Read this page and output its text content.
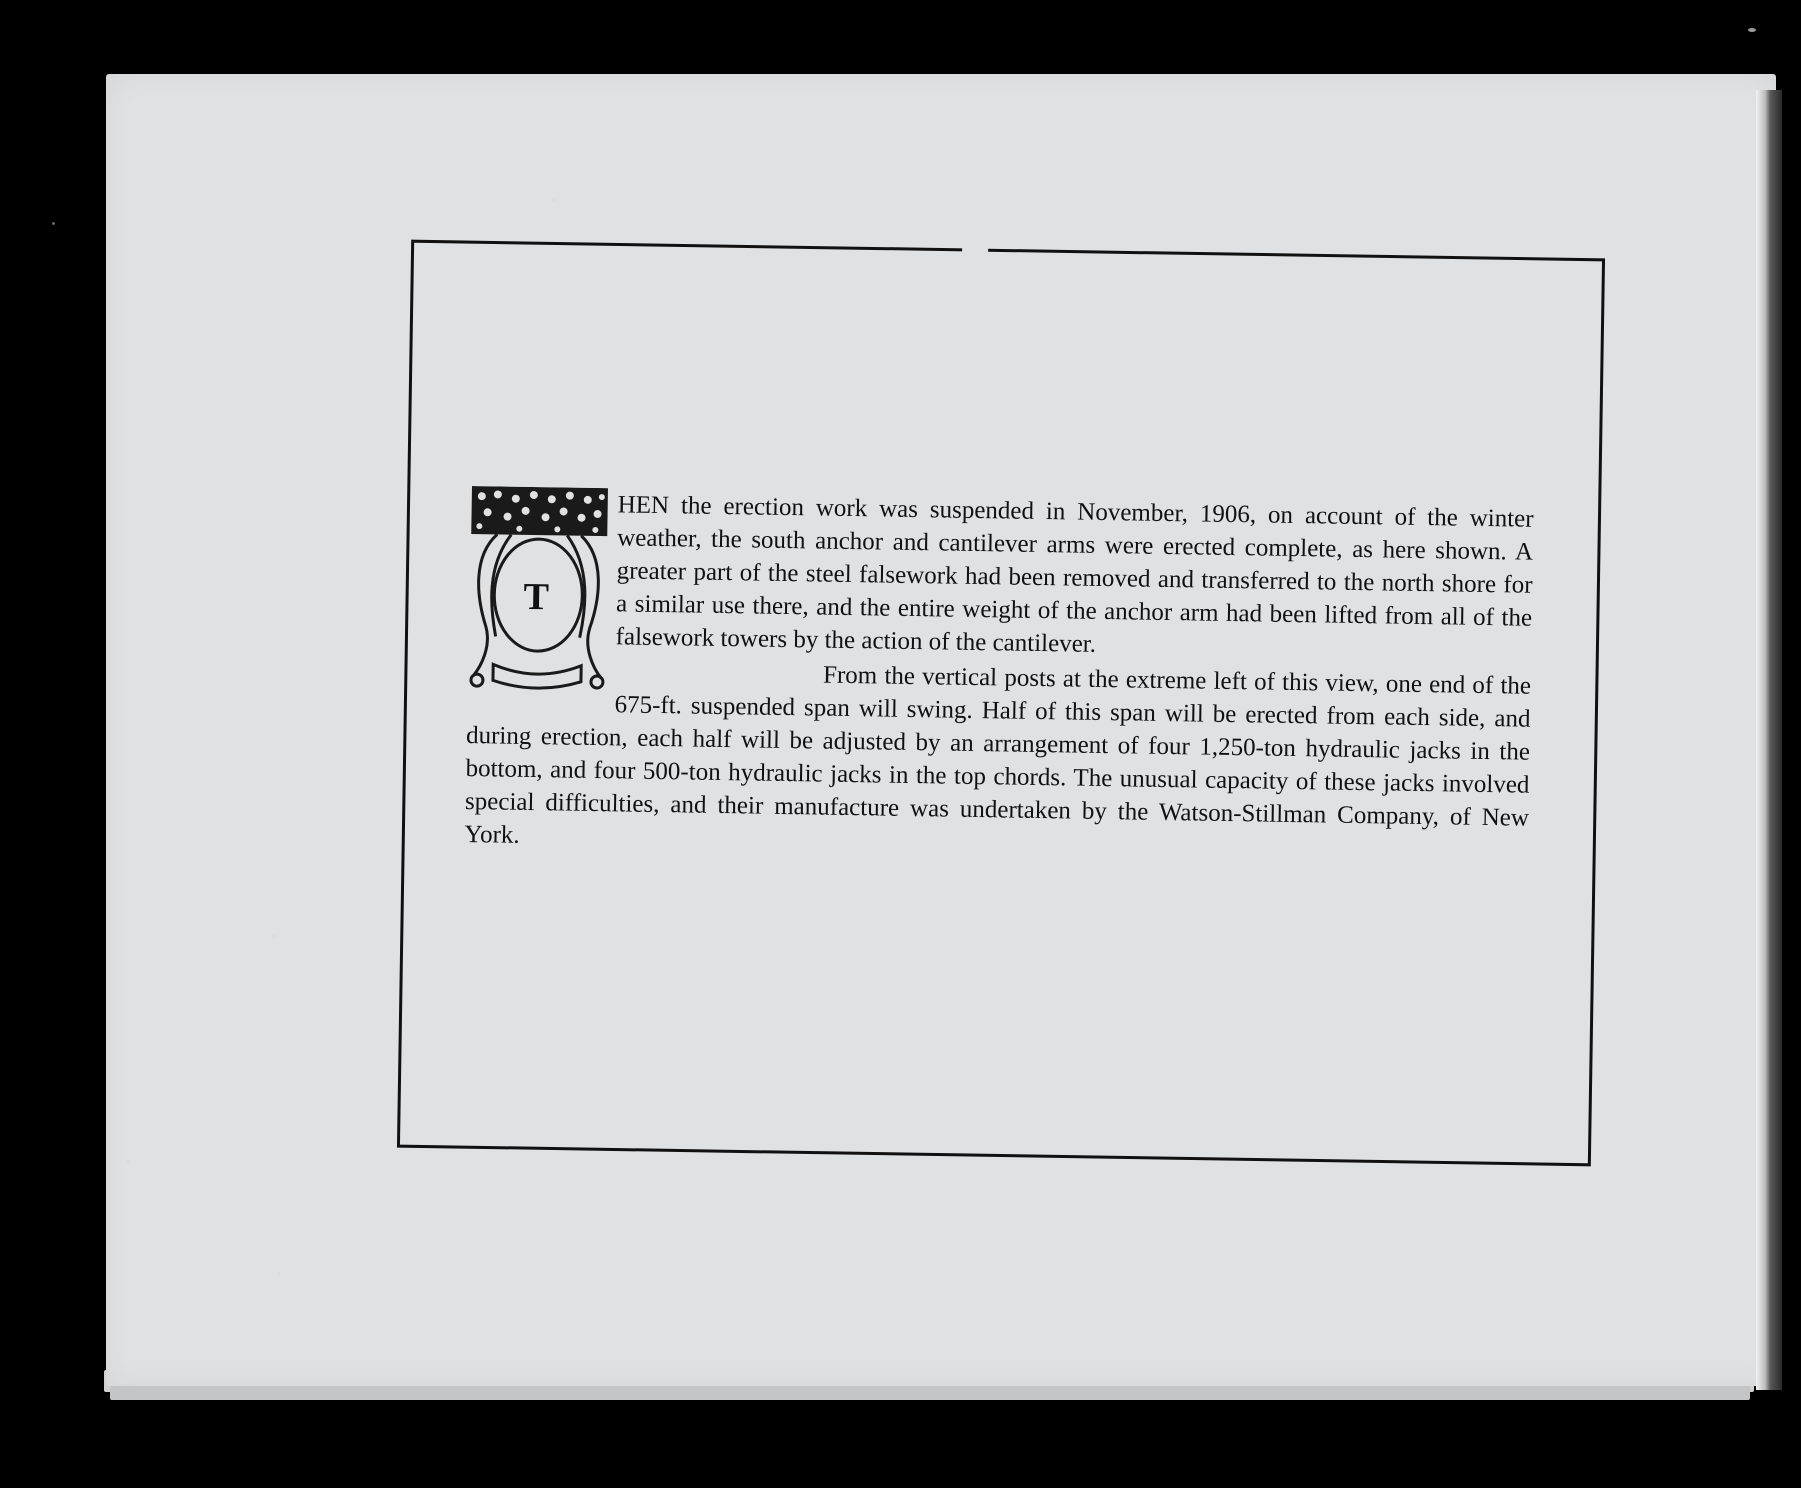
T

HEN the erection work was suspended in November, 1906, on account of the winter weather, the south anchor and cantilever arms were erected complete, as here shown. A greater part of the steel falsework had been removed and transferred to the north shore for a similar use there, and the entire weight of the anchor arm had been lifted from all of the falsework towers by the action of the cantilever.

From the vertical posts at the extreme left of this view, one end of the 675-ft. suspended span will swing. Half of this span will be erected from each side, and during erection, each half will be adjusted by an arrangement of four 1,250-ton hydraulic jacks in the bottom, and four 500-ton hydraulic jacks in the top chords. The unusual capacity of these jacks involved special difficulties, and their manufacture was undertaken by the Watson-Stillman Company, of New York.
